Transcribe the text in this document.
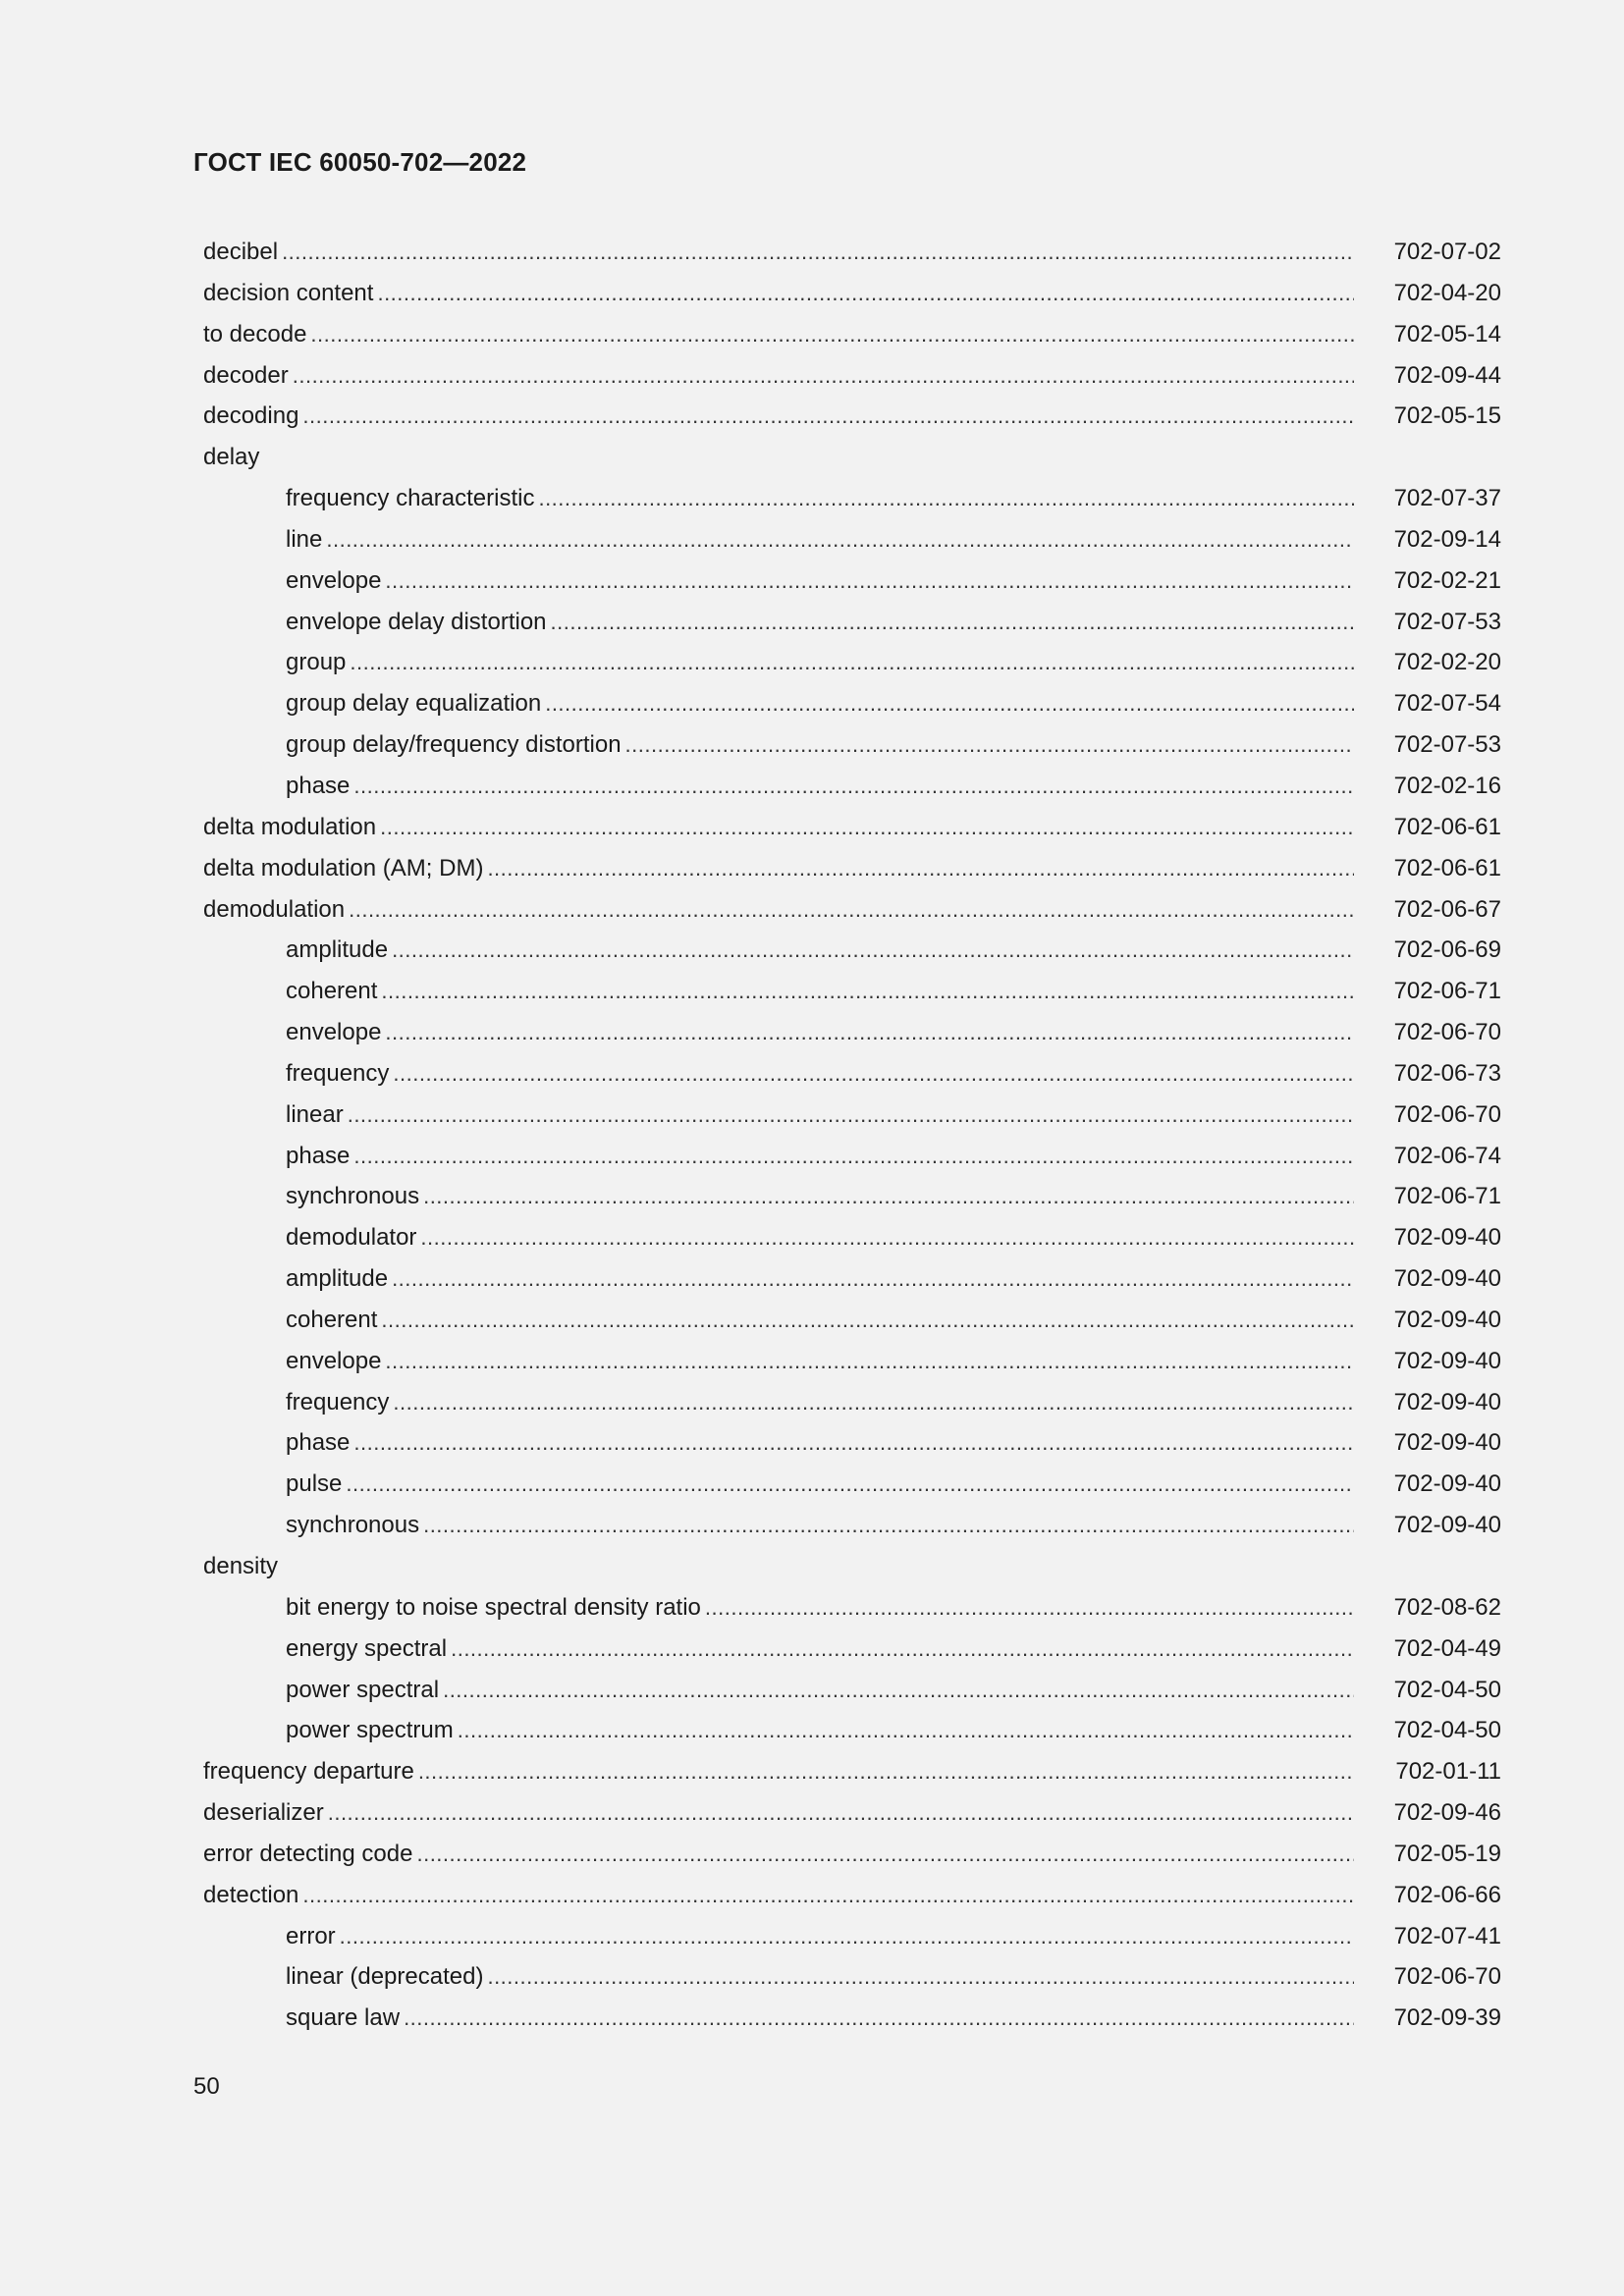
ГОСТ IEC 60050-702—2022
decibel .....	702-07-02
decision content .....	702-04-20
to decode .....	702-05-14
decoder .....	702-09-44
decoding .....	702-05-15
delay
frequency characteristic .....	702-07-37
line .....	702-09-14
envelope .....	702-02-21
envelope delay distortion .....	702-07-53
group .....	702-02-20
group delay equalization .....	702-07-54
group delay/frequency distortion .....	702-07-53
phase .....	702-02-16
delta modulation .....	702-06-61
delta modulation (AM; DM) .....	702-06-61
demodulation .....	702-06-67
amplitude .....	702-06-69
coherent .....	702-06-71
envelope .....	702-06-70
frequency .....	702-06-73
linear .....	702-06-70
phase .....	702-06-74
synchronous .....	702-06-71
demodulator .....	702-09-40
amplitude .....	702-09-40
coherent .....	702-09-40
envelope .....	702-09-40
frequency .....	702-09-40
phase .....	702-09-40
pulse .....	702-09-40
synchronous .....	702-09-40
density
bit energy to noise spectral density ratio .....	702-08-62
energy spectral .....	702-04-49
power spectral .....	702-04-50
power spectrum .....	702-04-50
frequency departure .....	702-01-11
deserializer .....	702-09-46
error detecting code .....	702-05-19
detection .....	702-06-66
error .....	702-07-41
linear (deprecated) .....	702-06-70
square law .....	702-09-39
50
